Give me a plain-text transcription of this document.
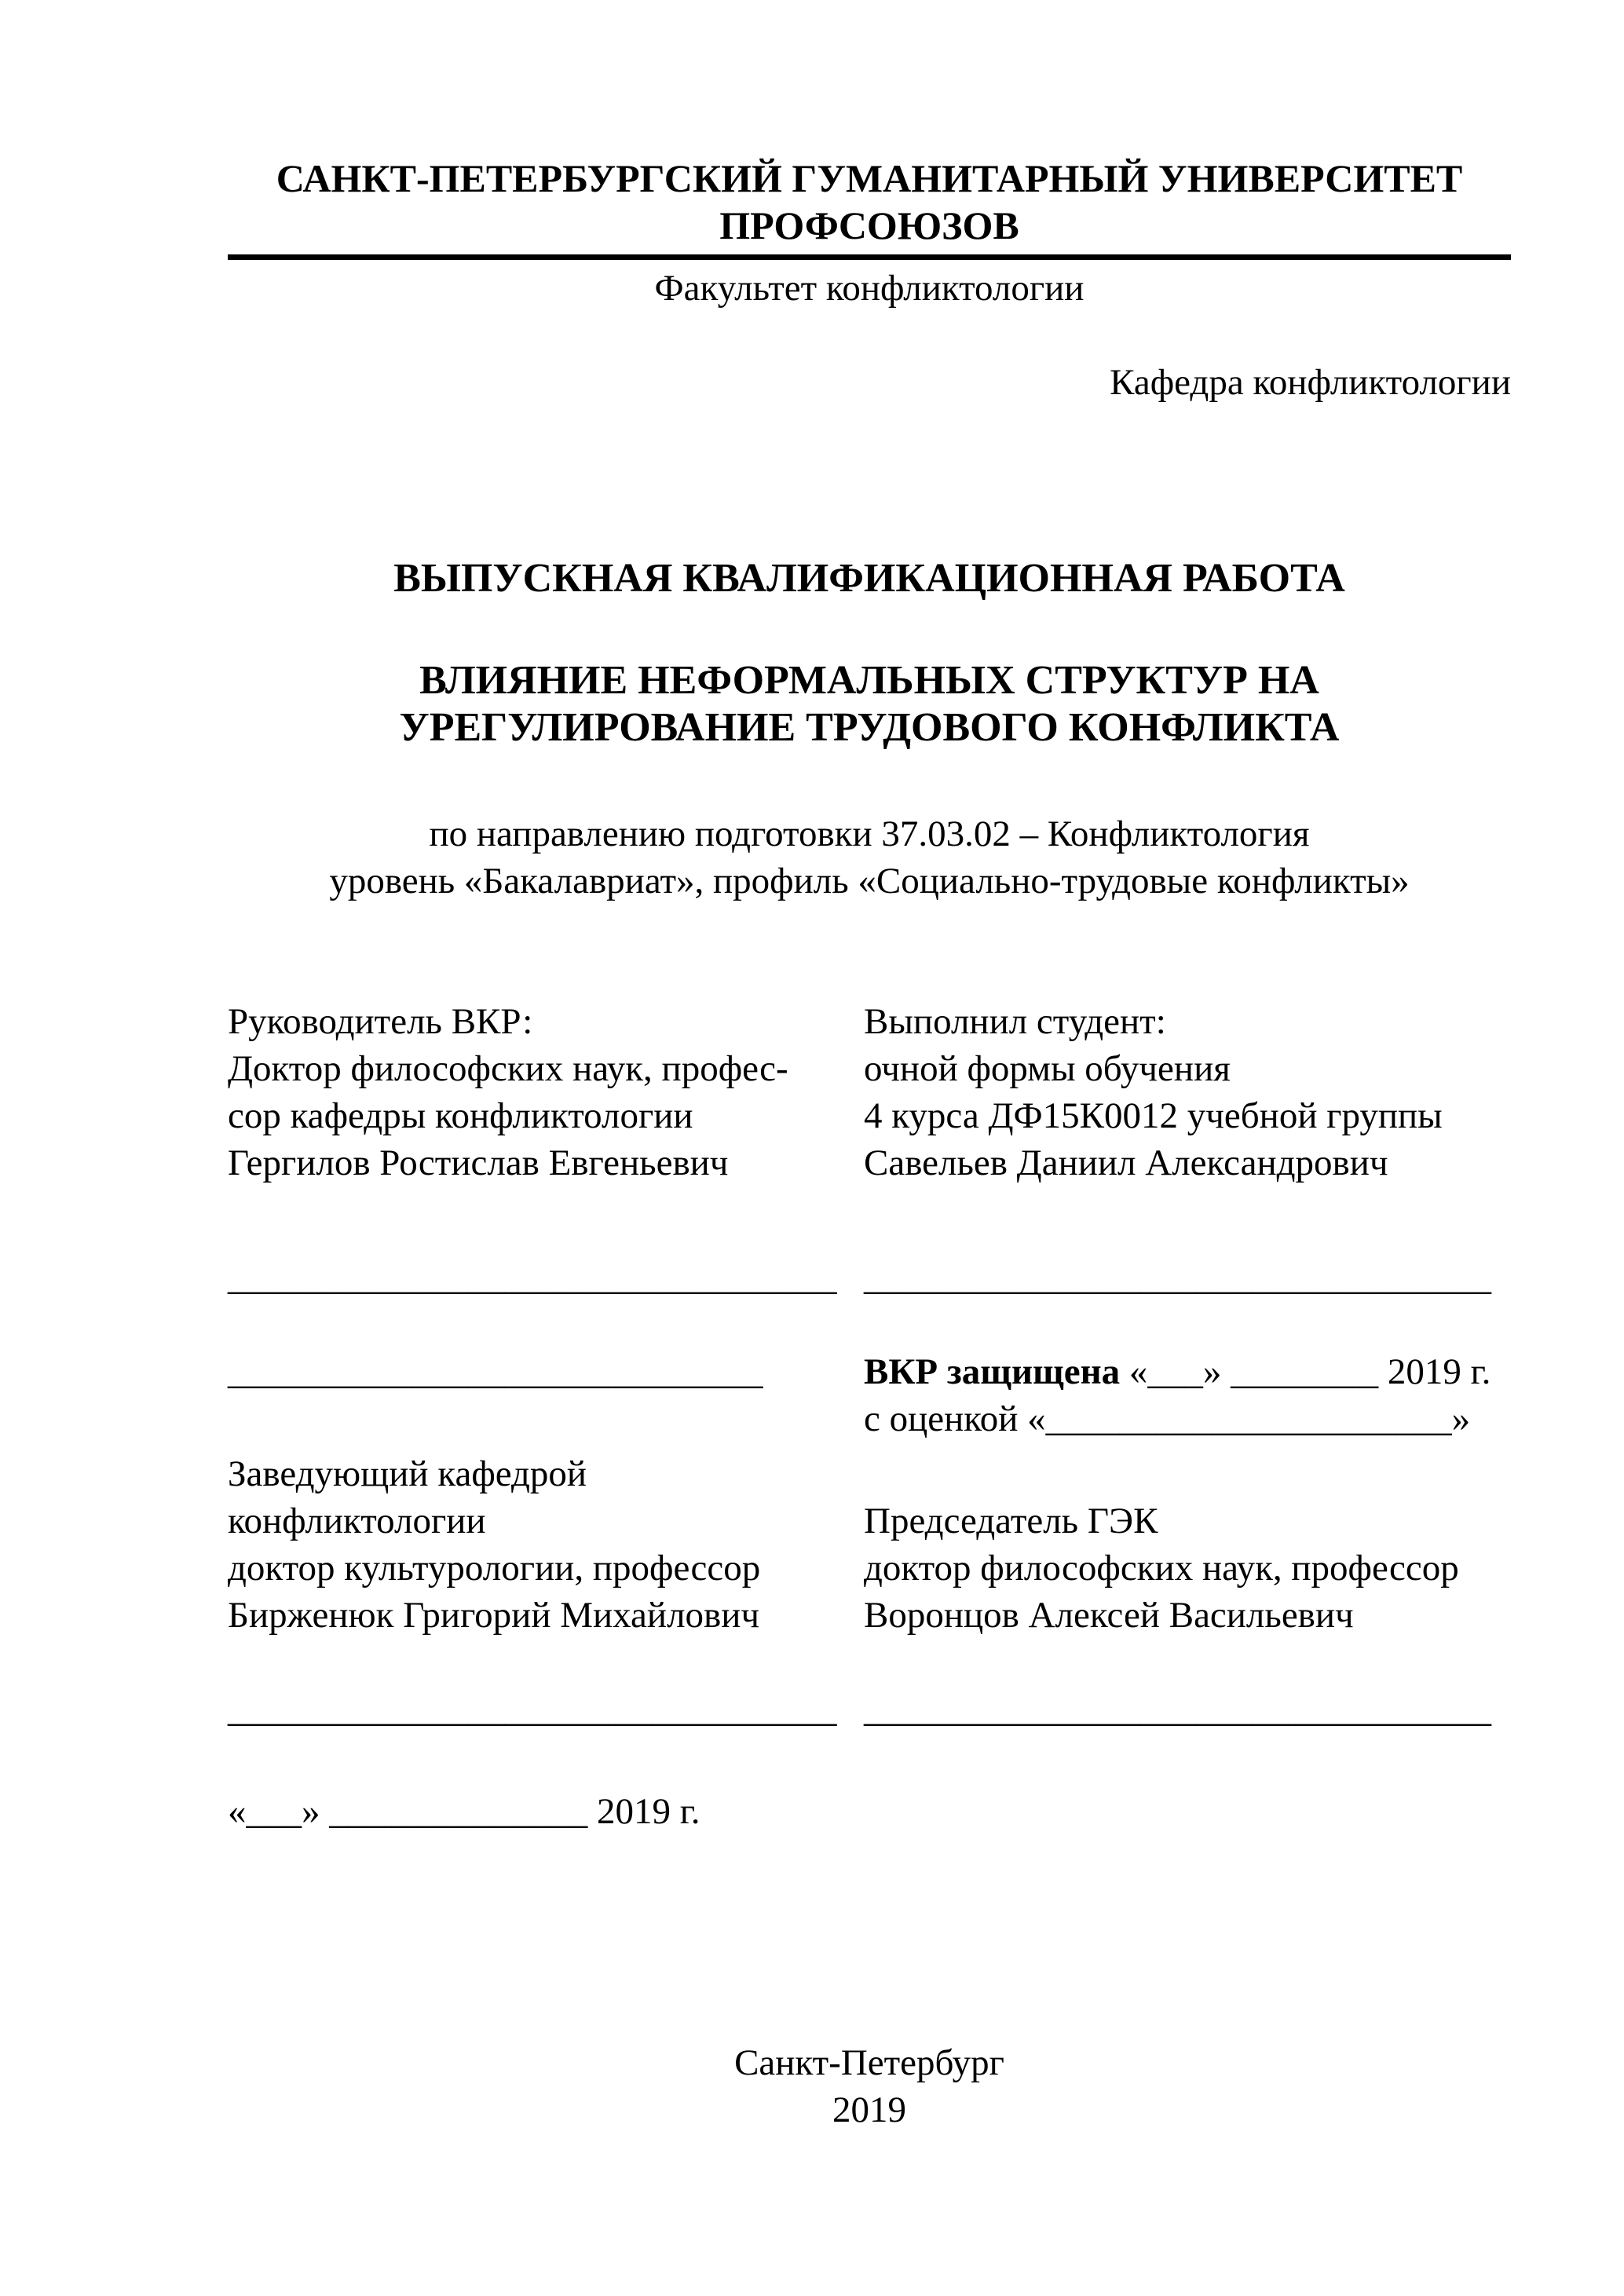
САНКТ-ПЕТЕРБУРГСКИЙ ГУМАНИТАРНЫЙ УНИВЕРСИТЕТ
ПРОФСОЮЗОВ
Факультет конфликтологии
Кафедра конфликтологии
ВЫПУСКНАЯ КВАЛИФИКАЦИОННАЯ РАБОТА
ВЛИЯНИЕ НЕФОРМАЛЬНЫХ СТРУКТУР НА
УРЕГУЛИРОВАНИЕ ТРУДОВОГО КОНФЛИКТА
по направлению подготовки 37.03.02 – Конфликтология
уровень «Бакалавриат», профиль «Социально-трудовые конфликты»
Руководитель ВКР:
Доктор философских наук, профес-
сор кафедры конфликтологии
Гергилов Ростислав Евгеньевич
Выполнил студент:
очной формы обучения
4 курса ДФ15К0012 учебной группы
Савельев Даниил Александрович
_________________________________ __________________________________
_____________________________	ВКР защищена «___» ________ 2019 г.
с оценкой «______________________»
Заведующий кафедрой
конфликтологии
доктор культурологии, профессор
Бирженюк Григорий Михайлович
Председатель ГЭК
доктор философских наук, профессор
Воронцов Алексей Васильевич
_________________________________ __________________________________
«___» ______________ 2019 г.
Санкт-Петербург
2019
